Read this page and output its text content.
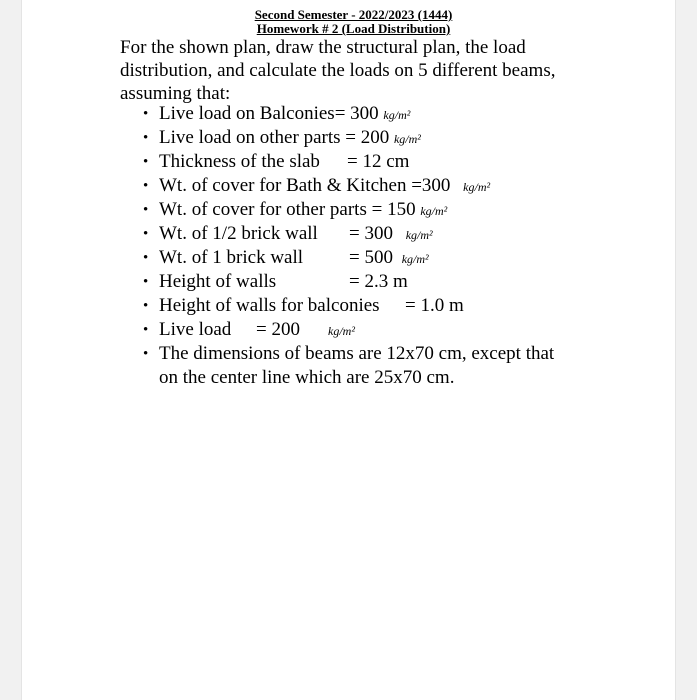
Second Semester - 2022/2023 (1444)
Homework # 2 (Load Distribution)
For the shown plan, draw the structural plan, the load
distribution, and calculate the loads on 5 different beams,
assuming that:
• Live load on Balconies= 300 kg/m²
• Live load on other parts = 200 kg/m²
• Thickness of the slab = 12 cm
• Wt. of cover for Bath & Kitchen =300 kg/m²
• Wt. of cover for other parts = 150 kg/m²
• Wt. of 1/2 brick wall = 300 kg/m²
• Wt. of 1 brick wall = 500 kg/m²
• Height of walls	= 2.3 m
• Height of walls for balconies = 1.0 m
• Live load = 200 kg/m²
• The dimensions of beams are 12x70 cm, except that
on the center line which are 25x70 cm.
